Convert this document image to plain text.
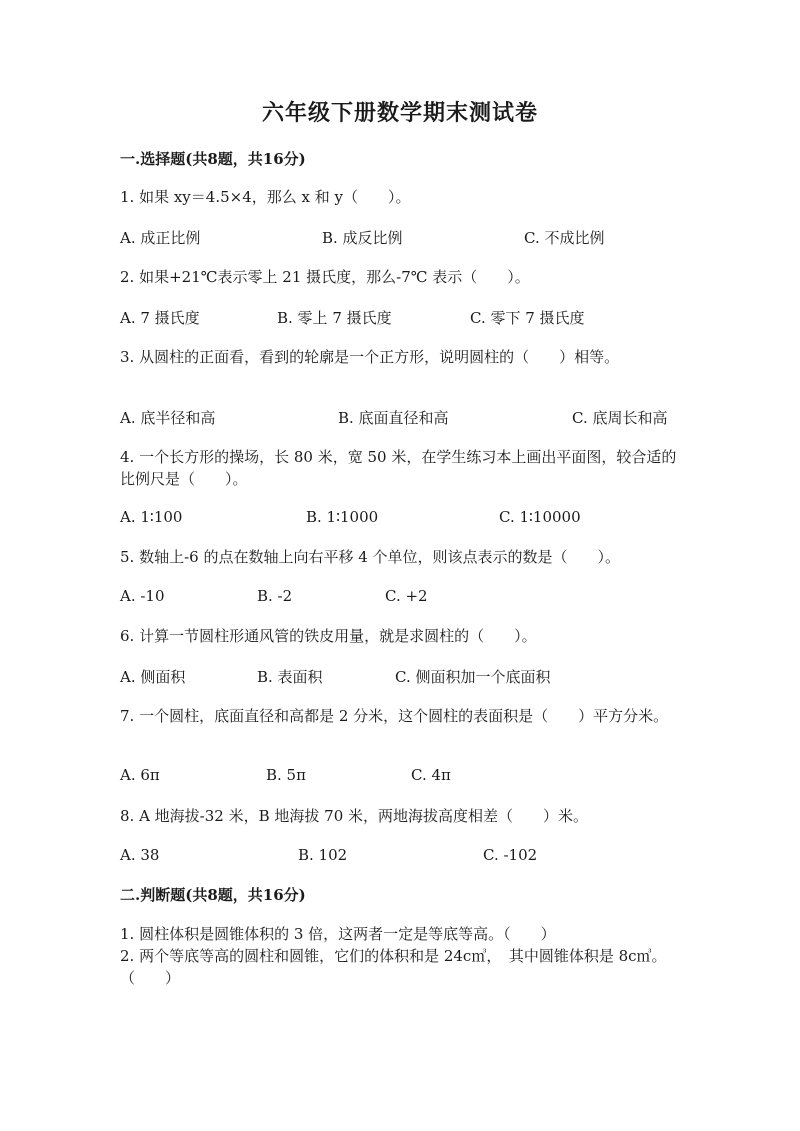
六年级下册数学期末测试卷
一.选择题(共8题，共16分)
1. 如果 xy＝4.5×4，那么 x 和 y（　　）。
A. 成正比例	B. 成反比例	C. 不成比例
2. 如果+21℃表示零上 21 摄氏度，那么-7℃ 表示（　　）。
A. 7 摄氏度	B. 零上 7 摄氏度	C. 零下 7 摄氏度
3. 从圆柱的正面看，看到的轮廓是一个正方形，说明圆柱的（　　）相等。
A. 底半径和高	B. 底面直径和高	C. 底周长和高
4. 一个长方形的操场，长 80 米，宽 50 米，在学生练习本上画出平面图，较合适的比例尺是（　　）。
A. 1∶100	B. 1∶1000	C. 1∶10000
5. 数轴上-6 的点在数轴上向右平移 4 个单位，则该点表示的数是（　　）。
A. -10	B. -2	C. +2
6. 计算一节圆柱形通风管的铁皮用量，就是求圆柱的（　　）。
A. 侧面积	B. 表面积	C. 侧面积加一个底面积
7. 一个圆柱，底面直径和高都是 2 分米，这个圆柱的表面积是（　　）平方分米。
A. 6π	B. 5π	C. 4π
8. A 地海拔-32 米，B 地海拔 70 米，两地海拔高度相差（　　）米。
A. 38	B. 102	C. -102
二.判断题(共8题，共16分)
1. 圆柱体积是圆锥体积的 3 倍，这两者一定是等底等高。（　　）
2. 两个等底等高的圆柱和圆锥，它们的体积和是 24c㎥，　其中圆锥体积是 8c㎥。（　　）
